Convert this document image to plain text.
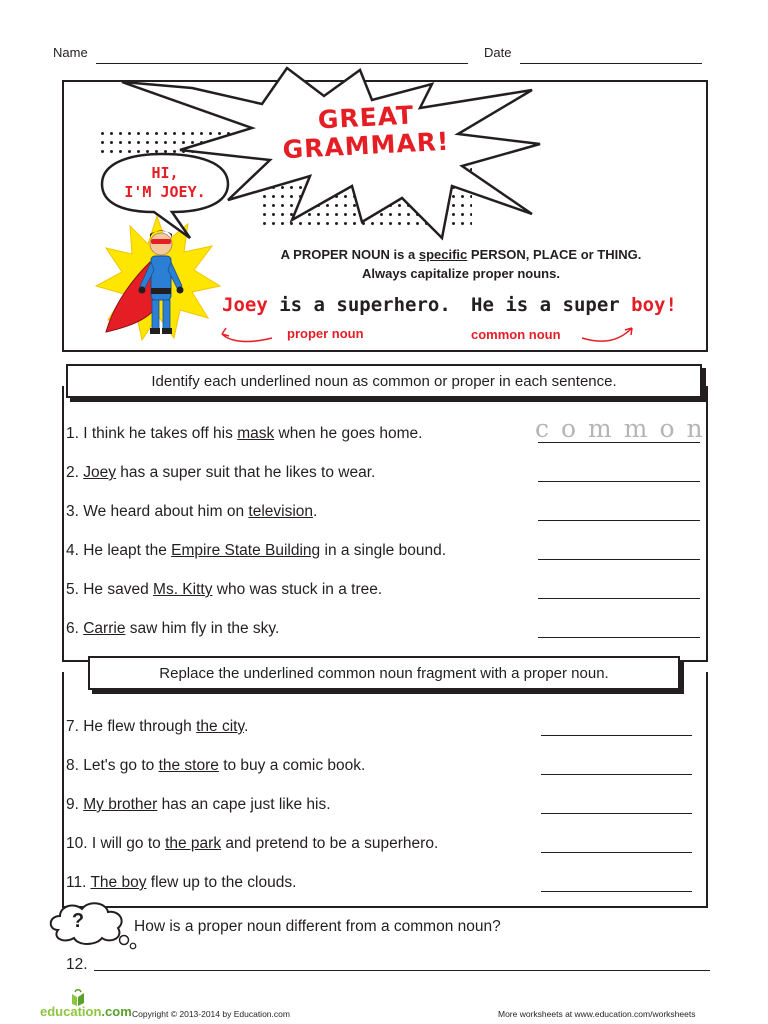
Name	Date
GREAT
GRAMMAR!
HI,
I'M JOEY.
A PROPER NOUN is a specific PERSON, PLACE or THING.
Always capitalize proper nouns.
Joey is a superhero.
proper noun
He is a super boy!
common noun
Identify each underlined noun as common or proper in each sentence.
1. I think he takes off his mask when he goes home.
2. Joey has a super suit that he likes to wear.
3. We heard about him on television.
4. He leapt the Empire State Building in a single bound.
5. He saved Ms. Kitty who was stuck in a tree.
6. Carrie saw him fly in the sky.
common
Replace the underlined common noun fragment with a proper noun.
7. He flew through the city.
8. Let's go to the store to buy a comic book.
9. My brother has an cape just like his.
10. I will go to the park and pretend to be a superhero.
11. The boy flew up to the clouds.
?	How is a proper noun different from a common noun?
12.
education.com Copyright © 2013-2014 by Education.com	More worksheets at www.education.com/worksheets
